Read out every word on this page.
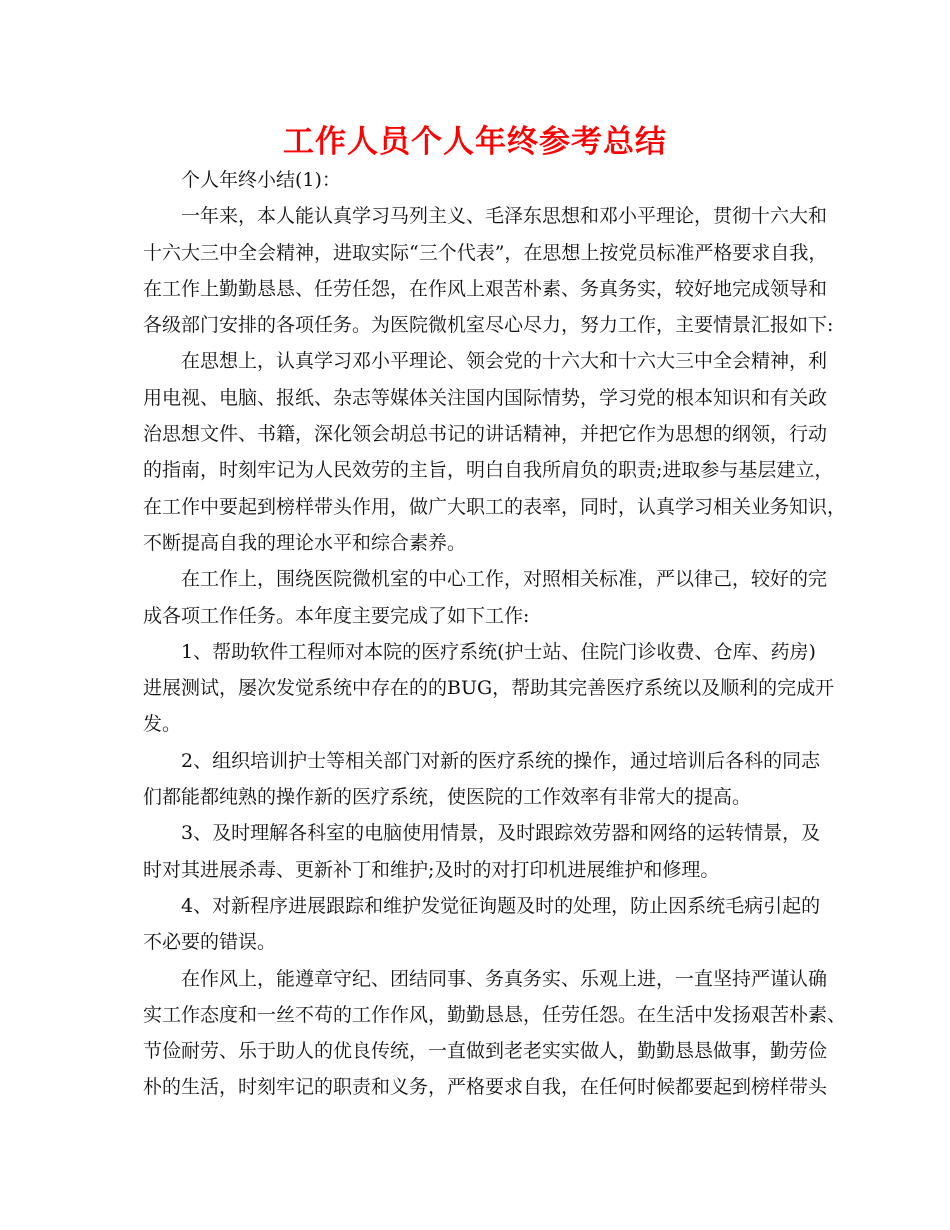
工作人员个人年终参考总结
个人年终小结(1)：
一年来，本人能认真学习马列主义、毛泽东思想和邓小平理论，贯彻十六大和
十六大三中全会精神，进取实际“三个代表”，在思想上按党员标准严格要求自我，
在工作上勤勤恳恳、任劳任怨，在作风上艰苦朴素、务真务实，较好地完成领导和
各级部门安排的各项任务。为医院微机室尽心尽力，努力工作，主要情景汇报如下:
在思想上，认真学习邓小平理论、领会党的十六大和十六大三中全会精神，利
用电视、电脑、报纸、杂志等媒体关注国内国际情势，学习党的根本知识和有关政
治思想文件、书籍，深化领会胡总书记的讲话精神，并把它作为思想的纲领，行动
的指南，时刻牢记为人民效劳的主旨，明白自我所肩负的职责;进取参与基层建立，
在工作中要起到榜样带头作用，做广大职工的表率，同时，认真学习相关业务知识，
不断提高自我的理论水平和综合素养。
在工作上，围绕医院微机室的中心工作，对照相关标准，严以律己，较好的完
成各项工作任务。本年度主要完成了如下工作:
1、帮助软件工程师对本院的医疗系统(护士站、住院门诊收费、仓库、药房)
进展测试，屡次发觉系统中存在的的BUG，帮助其完善医疗系统以及顺利的完成开
发。
2、组织培训护士等相关部门对新的医疗系统的操作，通过培训后各科的同志
们都能都纯熟的操作新的医疗系统，使医院的工作效率有非常大的提高。
3、及时理解各科室的电脑使用情景，及时跟踪效劳器和网络的运转情景，及
时对其进展杀毒、更新补丁和维护;及时的对打印机进展维护和修理。
4、对新程序进展跟踪和维护发觉征询题及时的处理，防止因系统毛病引起的
不必要的错误。
在作风上，能遵章守纪、团结同事、务真务实、乐观上进，一直坚持严谨认确
实工作态度和一丝不苟的工作作风，勤勤恳恳，任劳任怨。在生活中发扬艰苦朴素、
节俭耐劳、乐于助人的优良传统，一直做到老老实实做人，勤勤恳恳做事，勤劳俭
朴的生活，时刻牢记的职责和义务，严格要求自我，在任何时候都要起到榜样带头
